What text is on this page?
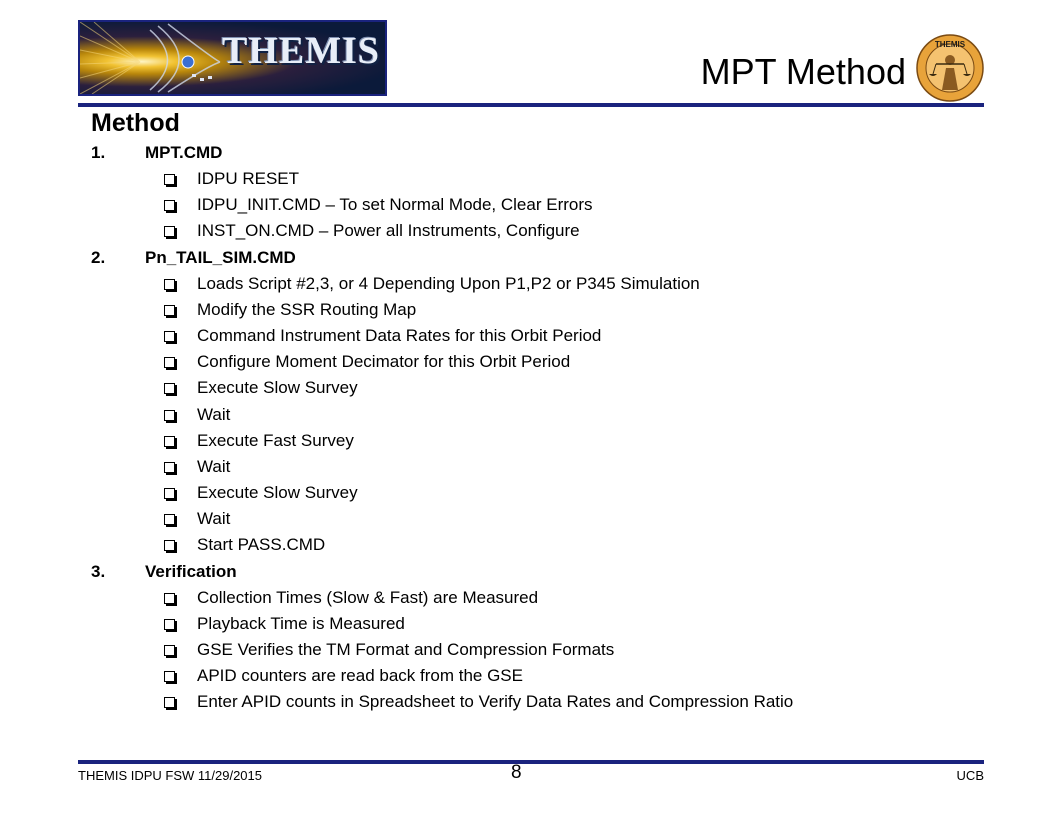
THEMIS	MPT Method
THEMIS
Method
1.	MPT.CMD
IDPU RESET
IDPU_INIT.CMD – To set Normal Mode, Clear Errors
INST_ON.CMD – Power all Instruments, Configure
2.	Pn_TAIL_SIM.CMD
Loads Script #2,3, or 4 Depending Upon P1,P2 or P345 Simulation
Modify the SSR Routing Map
Command Instrument Data Rates for this Orbit Period
Configure Moment Decimator for this Orbit Period
Execute Slow Survey
Wait
Execute Fast Survey
Wait
Execute Slow Survey
Wait
Start PASS.CMD
3.	Verification
Collection Times (Slow & Fast) are Measured
Playback Time is Measured
GSE Verifies the TM Format and Compression Formats
APID counters are read back from the GSE
Enter APID counts in Spreadsheet to Verify Data Rates and Compression Ratio
THEMIS IDPU FSW 11/29/2015	8	UCB
